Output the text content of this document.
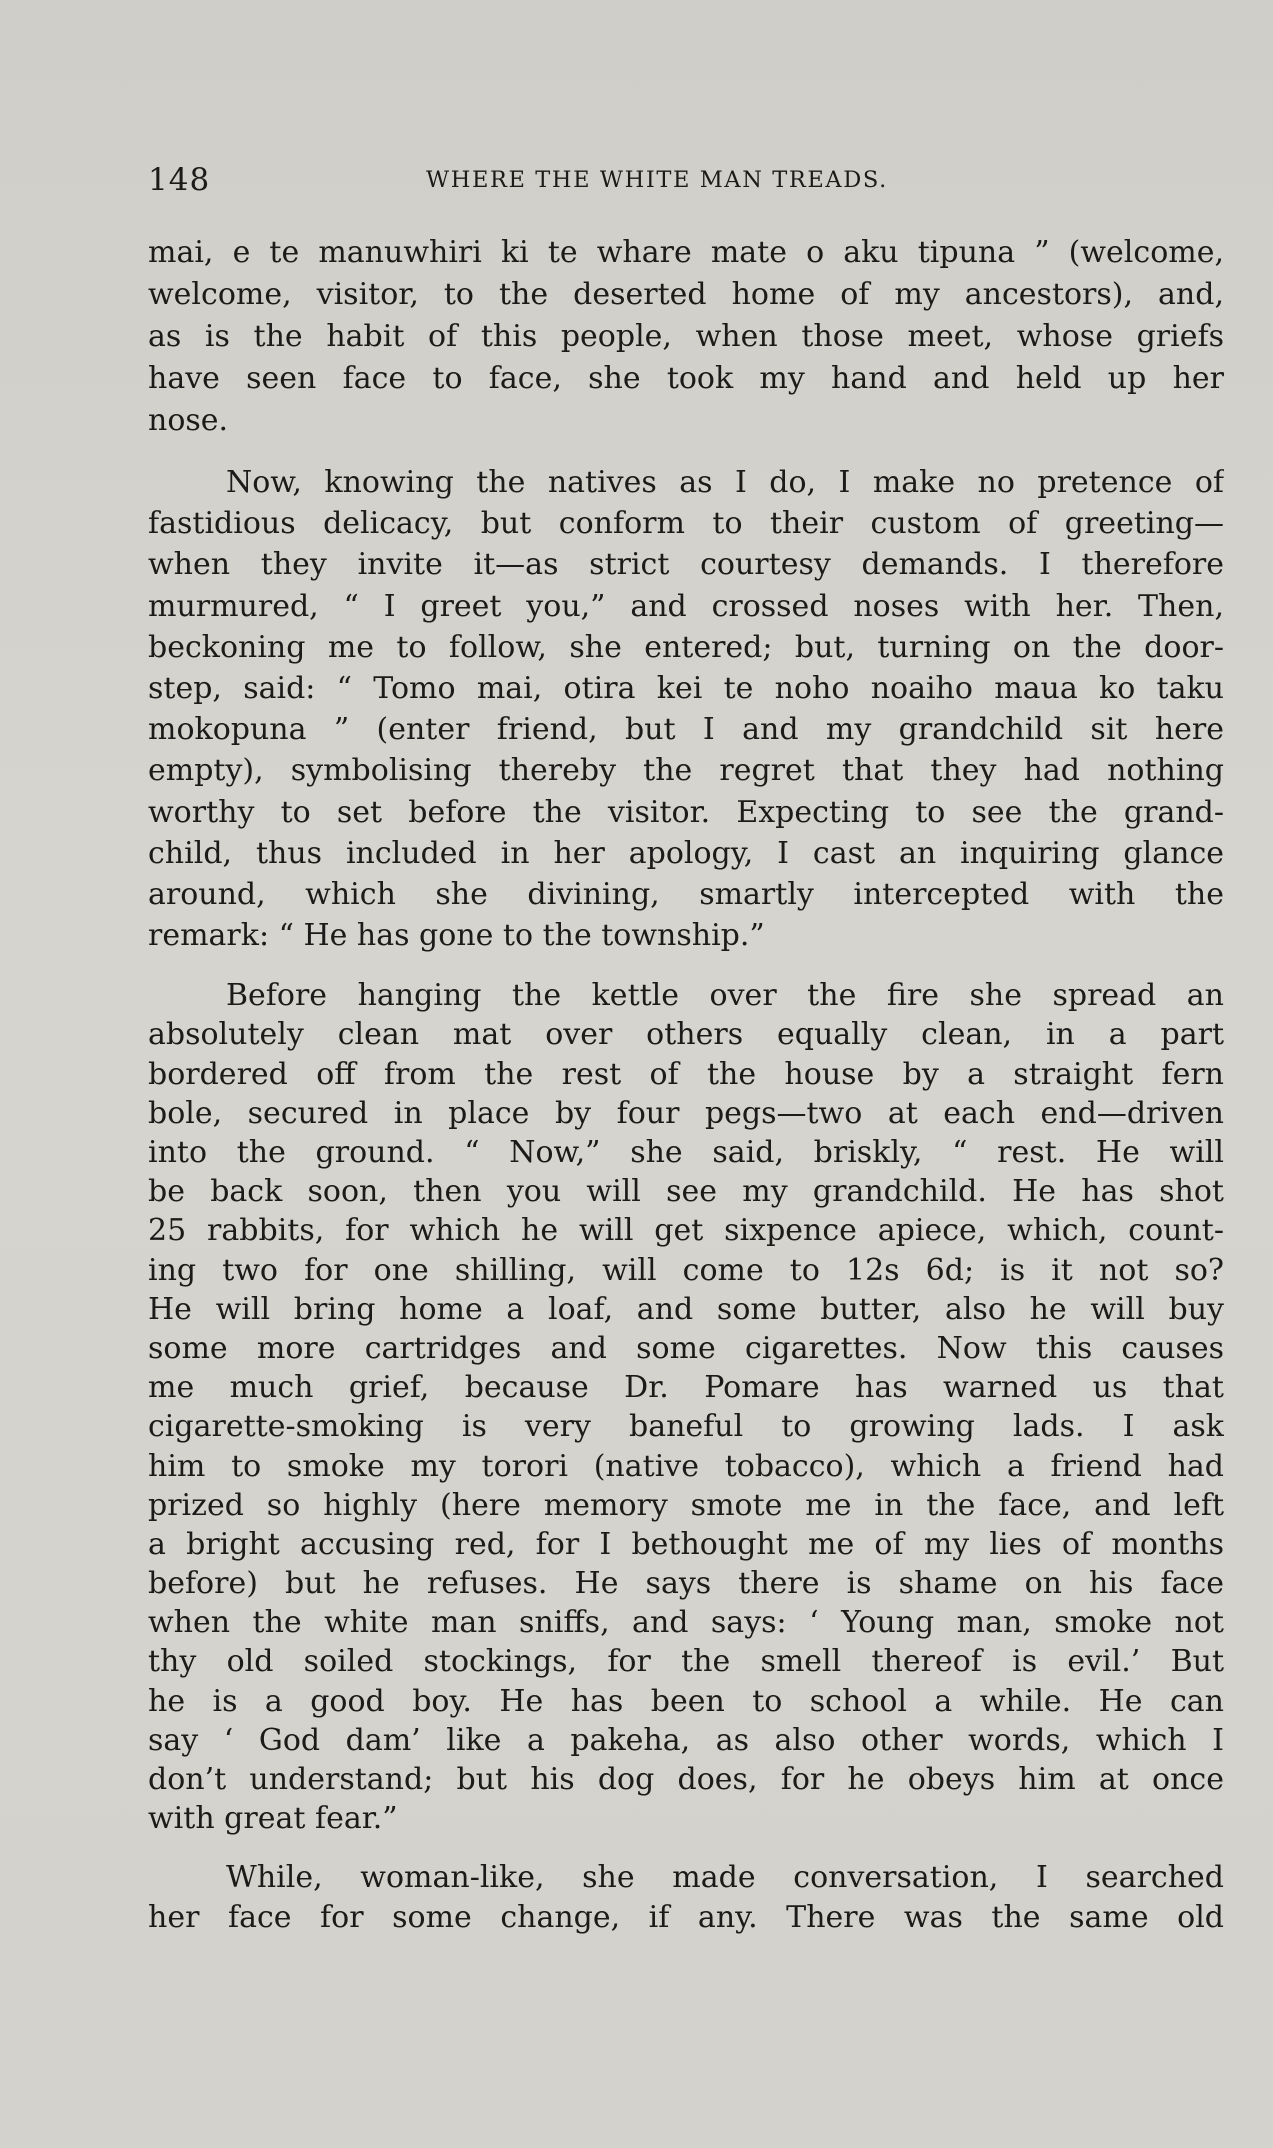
148	WHERE THE WHITE MAN TREADS.
mai, e te manuwhiri ki te whare mate o aku tipuna ” (welcome,
welcome, visitor, to the deserted home of my ancestors), and,
as is the habit of this people, when those meet, whose griefs
have seen face to face, she took my hand and held up her
nose.
Now, knowing the natives as I do, I make no pretence of
fastidious delicacy, but conform to their custom of greeting—
when they invite it—as strict courtesy demands. I therefore
murmured, “ I greet you,” and crossed noses with her. Then,
beckoning me to follow, she entered; but, turning on the door-
step, said: “ Tomo mai, otira kei te noho noaiho maua ko taku
mokopuna ” (enter friend, but I and my grandchild sit here
empty), symbolising thereby the regret that they had nothing
worthy to set before the visitor. Expecting to see the grand-
child, thus included in her apology, I cast an inquiring glance
around, which she divining, smartly intercepted with the
remark: “ He has gone to the township.”
Before hanging the kettle over the fire she spread an
absolutely clean mat over others equally clean, in a part
bordered off from the rest of the house by a straight fern
bole, secured in place by four pegs—two at each end—driven
into the ground. “ Now,” she said, briskly, “ rest. He will
be back soon, then you will see my grandchild. He has shot
25 rabbits, for which he will get sixpence apiece, which, count-
ing two for one shilling, will come to 12s 6d; is it not so?
He will bring home a loaf, and some butter, also he will buy
some more cartridges and some cigarettes. Now this causes
me much grief, because Dr. Pomare has warned us that
cigarette-smoking is very baneful to growing lads. I ask
him to smoke my torori (native tobacco), which a friend had
prized so highly (here memory smote me in the face, and left
a bright accusing red, for I bethought me of my lies of months
before) but he refuses. He says there is shame on his face
when the white man sniffs, and says: ‘ Young man, smoke not
thy old soiled stockings, for the smell thereof is evil.’ But
he is a good boy. He has been to school a while. He can
say ‘ God dam’ like a pakeha, as also other words, which I
don’t understand; but his dog does, for he obeys him at once
with great fear.”
While, woman-like, she made conversation, I searched
her face for some change, if any. There was the same old
